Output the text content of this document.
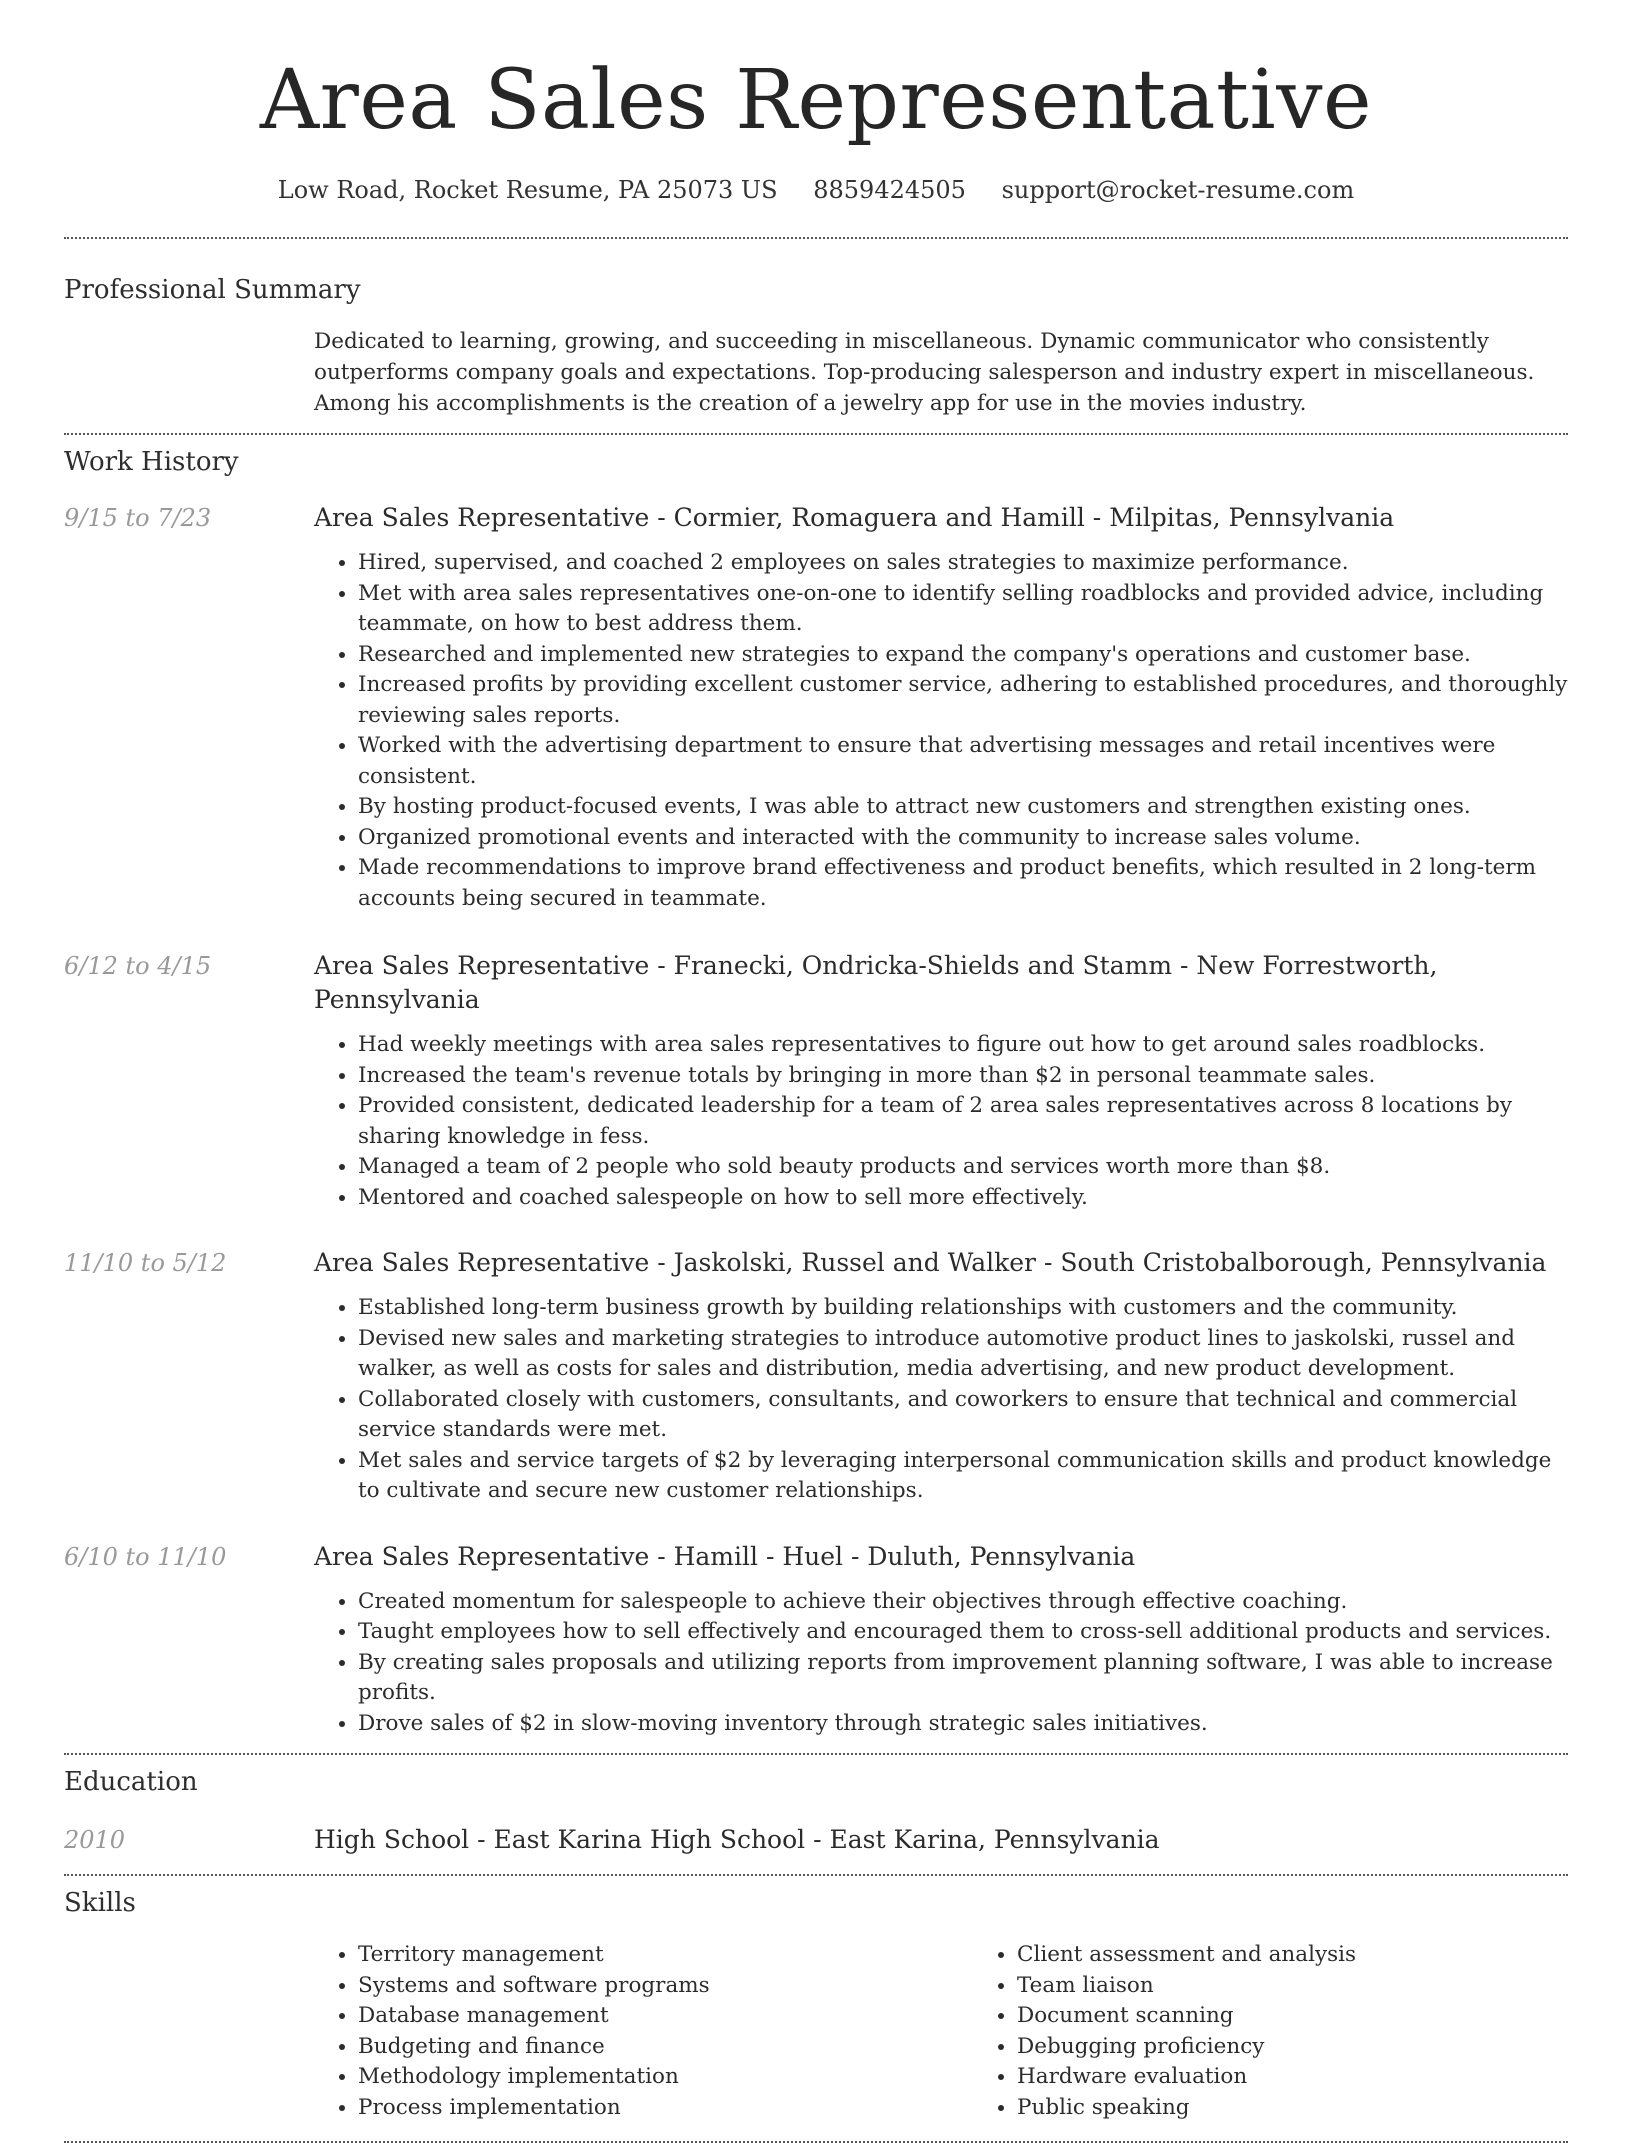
Area Sales Representative
Low Road, Rocket Resume, PA 25073 US 8859424505 support@rocket-resume.com
Professional Summary
Dedicated to learning, growing, and succeeding in miscellaneous. Dynamic communicator who consistently outperforms company goals and expectations. Top-producing salesperson and industry expert in miscellaneous. Among his accomplishments is the creation of a jewelry app for use in the movies industry.
Work History
9/15 to 7/23	Area Sales Representative - Cormier, Romaguera and Hamill - Milpitas, Pennsylvania
• Hired, supervised, and coached 2 employees on sales strategies to maximize performance.
• Met with area sales representatives one-on-one to identify selling roadblocks and provided advice, including teammate, on how to best address them.
• Researched and implemented new strategies to expand the company's operations and customer base.
• Increased profits by providing excellent customer service, adhering to established procedures, and thoroughly reviewing sales reports.
• Worked with the advertising department to ensure that advertising messages and retail incentives were consistent.
• By hosting product-focused events, I was able to attract new customers and strengthen existing ones.
• Organized promotional events and interacted with the community to increase sales volume.
• Made recommendations to improve brand effectiveness and product benefits, which resulted in 2 long-term accounts being secured in teammate.
6/12 to 4/15	Area Sales Representative - Franecki, Ondricka-Shields and Stamm - New Forrestworth, Pennsylvania
• Had weekly meetings with area sales representatives to figure out how to get around sales roadblocks.
• Increased the team's revenue totals by bringing in more than $2 in personal teammate sales.
• Provided consistent, dedicated leadership for a team of 2 area sales representatives across 8 locations by sharing knowledge in fess.
• Managed a team of 2 people who sold beauty products and services worth more than $8.
• Mentored and coached salespeople on how to sell more effectively.
11/10 to 5/12	Area Sales Representative - Jaskolski, Russel and Walker - South Cristobalborough, Pennsylvania
• Established long-term business growth by building relationships with customers and the community.
• Devised new sales and marketing strategies to introduce automotive product lines to jaskolski, russel and walker, as well as costs for sales and distribution, media advertising, and new product development.
• Collaborated closely with customers, consultants, and coworkers to ensure that technical and commercial service standards were met.
• Met sales and service targets of $2 by leveraging interpersonal communication skills and product knowledge to cultivate and secure new customer relationships.
6/10 to 11/10	Area Sales Representative - Hamill - Huel - Duluth, Pennsylvania
• Created momentum for salespeople to achieve their objectives through effective coaching.
• Taught employees how to sell effectively and encouraged them to cross-sell additional products and services.
• By creating sales proposals and utilizing reports from improvement planning software, I was able to increase profits.
• Drove sales of $2 in slow-moving inventory through strategic sales initiatives.
Education
2010	High School - East Karina High School - East Karina, Pennsylvania
Skills
• Territory management
• Systems and software programs
• Database management
• Budgeting and finance
• Methodology implementation
• Process implementation
• Client assessment and analysis
• Team liaison
• Document scanning
• Debugging proficiency
• Hardware evaluation
• Public speaking
